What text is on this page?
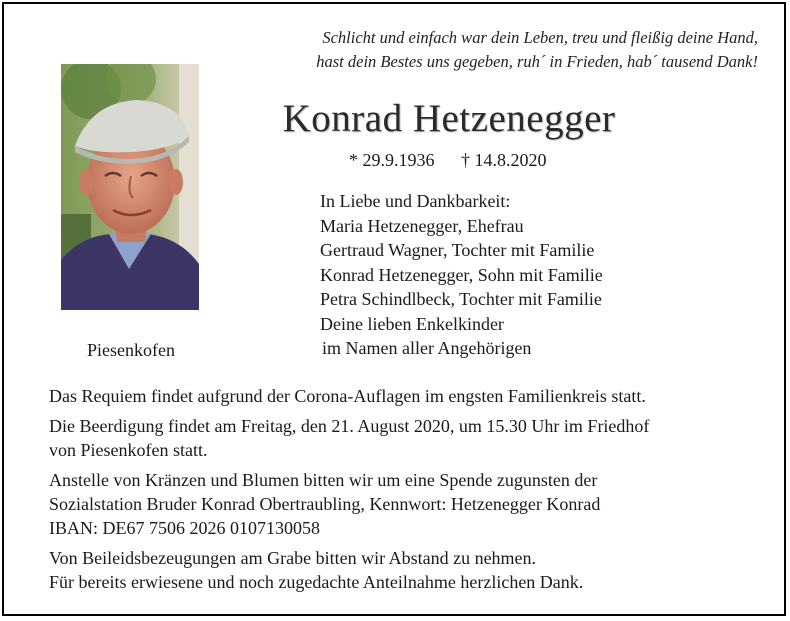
Schlicht und einfach war dein Leben, treu und fleißig deine Hand,
hast dein Bestes uns gegeben, ruh´ in Frieden, hab´ tausend Dank!
Piesenkofen
Konrad Hetzenegger
* 29.9.1936 † 14.8.2020
In Liebe und Dankbarkeit:
Maria Hetzenegger, Ehefrau
Gertraud Wagner, Tochter mit Familie
Konrad Hetzenegger, Sohn mit Familie
Petra Schindlbeck, Tochter mit Familie
Deine lieben Enkelkinder
im Namen aller Angehörigen

Das Requiem findet aufgrund der Corona-Auflagen im engsten Familienkreis statt.

Die Beerdigung findet am Freitag, den 21. August 2020, um 15.30 Uhr im Friedhof
von Piesenkofen statt.

Anstelle von Kränzen und Blumen bitten wir um eine Spende zugunsten der
Sozialstation Bruder Konrad Obertraubling, Kennwort: Hetzenegger Konrad
IBAN: DE67 7506 2026 0107130058

Von Beileidsbezeugungen am Grabe bitten wir Abstand zu nehmen.
Für bereits erwiesene und noch zugedachte Anteilnahme herzlichen Dank.
